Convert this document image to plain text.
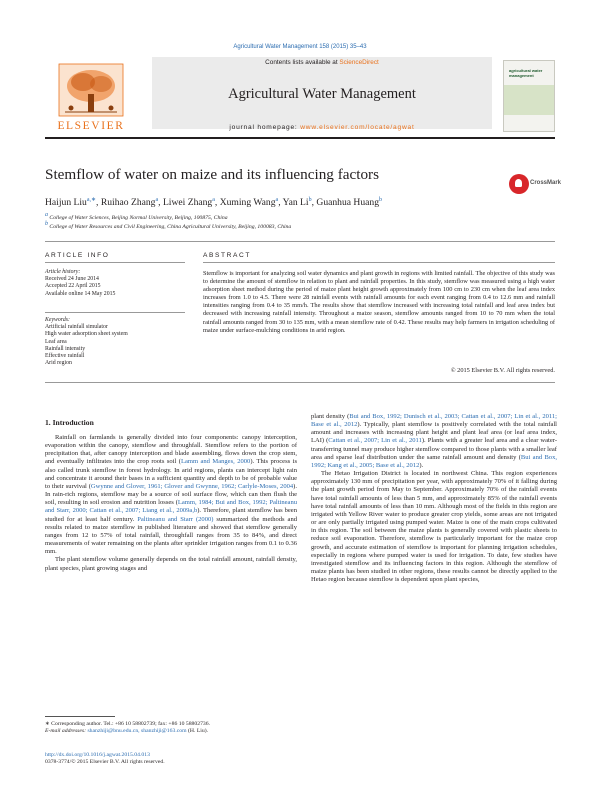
Agricultural Water Management 158 (2015) 35–43
Contents lists available at ScienceDirect
Agricultural Water Management
journal homepage: www.elsevier.com/locate/agwat
ELSEVIER
agricultural water management
Stemflow of water on maize and its influencing factors	CrossMark
Haijun Liu$^{a,∗}$, Ruihao Zhang$^a$, Liwei Zhang$^a$, Xuming Wang$^a$, Yan Li$^b$, Guanhua Huang$^b$
$^a$ College of Water Sciences, Beijing Normal University, Beijing, 100875, China
$^b$ College of Water Resources and Civil Engineering, China Agricultural University, Beijing, 100083, China
ARTICLE INFO	ABSTRACT
Article history:
Received 24 June 2014
Accepted 22 April 2015
Available online 14 May 2015
Keywords:
Artificial rainfall simulator
High water adsorption sheet system
Leaf area
Rainfall intensity
Effective rainfall
Arid region
Stemflow is important for analyzing soil water dynamics and plant growth in regions with limited rainfall. The objective of this study was to determine the amount of stemflow in relation to plant and rainfall properties. In this study, stemflow was measured using a high water adsorption sheet method during the period of maize plant height growth approximately from 100 cm to 230 cm when the leaf area index increases from 1.0 to 4.5. There were 28 rainfall events with rainfall amounts for each event ranging from 0.4 to 12.6 mm and rainfall intensities ranging from 0.4 to 35 mm/h. The results show that stemflow increased with increasing total rainfall and leaf area index but decreased with increasing rainfall intensity. Throughout a maize season, stemflow amounts ranged from 10 to 70 mm when the total rainfall amounts ranged from 30 to 135 mm, with a mean stemflow rate of 0.42. These results may help farmers in irrigation scheduling of maize under surface-mulching conditions in arid region.
© 2015 Elsevier B.V. All rights reserved.
1. Introduction

Rainfall on farmlands is generally divided into four components: canopy interception, evaporation within the canopy, stemflow and throughfall. Stemflow refers to the portion of precipitation that, after canopy interception and blade assembling, flows down the crop stem, and eventually infiltrates into the crop roots soil (Lamm and Manges, 2000). This process is also called trunk stemflow in forest hydrology. In arid regions, plants can intercept light rain and concentrate it around their bases in a sufficient quantity and depth to be of probable value to their survival (Gwynne and Glover, 1961; Glover and Gwynne, 1962; Carlyle-Moses, 2004). In rain-rich regions, stemflow may be a source of soil surface flow, which can then flush the soil, resulting in soil erosion and nutrition losses (Lamm, 1984; Bui and Box, 1992; Paltineanu and Starr, 2000; Cattan et al., 2007; Liang et al., 2009a,b). Therefore, plant stemflow has been studied for at least half century. Paltineanu and Starr (2000) summarized the methods and results related to maize stemflow in published literature and showed that stemflow generally ranges from 12 to 57% of total rainfall, throughfall ranges from 35 to 84%, and direct measurements of water remaining on the plants after sprinkler irrigation ranges from 0.1 to 0.36 mm.

The plant stemflow volume generally depends on the total rainfall amount, rainfall density, plant species, plant growing stages and

plant density (Bui and Box, 1992; Dunisch et al., 2003; Cattan et al., 2007; Lin et al., 2011; Base et al., 2012). Typically, plant stemflow is positively correlated with the total rainfall amount and increases with increasing plant height and plant leaf area (or leaf area index, LAI) (Cattan et al., 2007; Lin et al., 2011). Plants with a greater leaf area and a clear water-transferring tunnel may produce higher stemflow compared to those plants with a smaller leaf area and sparse leaf distribution under the same rainfall amount and density (Bui and Box, 1992; Kang et al., 2005; Base et al., 2012).

The Hetao Irrigation District is located in northwest China. This region experiences approximately 130 mm of precipitation per year, with approximately 70% of it falling during the plant growth period from May to September. Approximately 70% of the rainfall events have total rainfall amounts of less than 5 mm, and approximately 85% of the rainfall events have total rainfall amounts of less than 10 mm. Although most of the fields in this region are irrigated with Yellow River water to produce greater crop yields, some areas are not irrigated or are only partially irrigated using pumped water. Maize is one of the main crops cultivated in this region. The soil between the maize plants is generally covered with plastic sheets to reduce soil evaporation. Therefore, stemflow is particularly important for the maize crop growth, and accurate estimation of stemflow is important for planning irrigation schedules, especially in regions where pumped water is used for irrigation. To date, few studies have investigated stemflow and its influencing factors in this region. Although the stemflow of maize plants has been studied in other regions, these results cannot be directly applied to the Hetao region because stemflow is dependent upon plant species,

∗ Corresponding author. Tel.: +86 10 58802739; fax: +86 10 58802736.
E-mail addresses: shanzhiji@bnu.edu.cn, shanzhiji@163.com (H. Liu).
http://dx.doi.org/10.1016/j.agwat.2015.04.013
0378-3774/© 2015 Elsevier B.V. All rights reserved.
